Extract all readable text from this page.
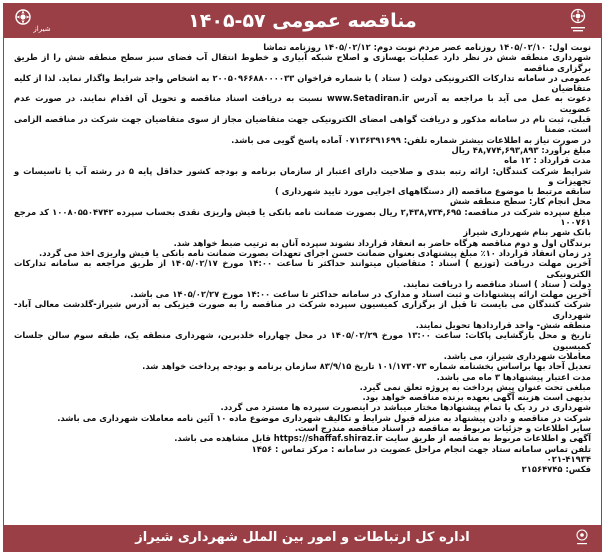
شیراز	مناقصه عمومی ۵۷-۱۴۰۵

نوبت اول: ۱۴۰۵/۰۲/۱۰ روزنامه عصر مردم نوبت دوم: ۱۴۰۵/۰۲/۱۲ روزنامه تماشا

شهرداری منطقه شش در نظر دارد عملیات بهسازی و اصلاح شبکه آبیاری و خطوط انتقال آب فضای سبز سطح منطقه شش را از طریق برگزاری مناقصه

عمومی در سامانه تدارکات الکترونیکی دولت ( ستاد ) با شماره فراخوان ۲۰۰۵۰۹۶۶۸۸۰۰۰۰۳۳ به اشخاص واجد شرایط واگذار نماید. لذا از کلیه متقاضیان

دعوت به عمل می آید با مراجعه به آدرس www.Setadiran.ir نسبت به دریافت اسناد مناقصه و تحویل آن اقدام نمایند. در صورت عدم عضویت

قبلی، ثبت نام در سامانه مذکور و دریافت گواهی امضای الکترونیکی جهت متقاضیان مجاز از سوی متقاضیان جهت شرکت در مناقصه الزامی است. ضمنا

در صورت نیاز به اطلاعات بیشتر شماره تلفن: ۰۷۱۳۶۳۹۱۶۹۹ آماده پاسخ گویی می باشد.

مبلغ برآورد: ۴۸,۷۷۴,۶۹۳,۸۹۳ ریال

مدت قرارداد : ۱۲ ماه

شرایط شرکت کنندگان: ارائه رتبه بندی و صلاحیت دارای اعتبار از سازمان برنامه و بودجه کشور حداقل پایه ۵ در رشته آب یا تاسیسات و تجهیزات و

سابقه مرتبط با موضوع مناقصه (از دستگاههای اجرایی مورد تایید شهرداری )

محل انجام کار: سطح منطقه شش

مبلغ سپرده شرکت در مناقصه: ۲,۴۳۸,۷۳۴,۶۹۵ ریال بصورت ضمانت نامه بانکی یا فیش واریزی نقدی بحساب سپرده ۱۰۰۸۰۵۵۰۴۷۴۲ کد مرجع ۱۰۰۷۶۱

بانک شهر بنام شهرداری شیراز

برندگان اول و دوم مناقصه هرگاه حاضر به انعقاد قرارداد نشوند سپرده آنان به ترتیب ضبط خواهد شد.

در زمان انعقاد قرارداد ۱۰٪ مبلغ پیشنهادی بعنوان ضمانت حسن اجرای تعهدات بصورت ضمانت نامه بانکی یا فیش واریزی اخذ می گردد.

آخرین مهلت دریافت (توزیع ) اسناد : متقاضیان میتوانند حداکثر تا ساعت ۱۴:۰۰ مورخ ۱۴۰۵/۰۲/۱۷ از طریق مراجعه به سامانه تدارکات الکترونیکی

دولت ( ستاد ) اسناد مناقصه را دریافت نمایند.

آخرین مهلت ارائه پیشنهادات و ثبت اسناد و مدارک در سامانه حداکثر تا ساعت ۱۴:۰۰ مورخ ۱۴۰۵/۰۲/۲۷ می باشد.

شرکت کنندگان می بایست تا قبل از برگزاری کمیسیون سپرده شرکت در مناقصه را به صورت فیزیکی به آدرس شیراز-گلدشت معالی آباد-شهرداری

منطقه شش- واحد قراردادها تحویل نمایند.

تاریخ و محل بازگشایی پاکات: ساعت ۱۳:۰۰ مورخ ۱۴۰۵/۰۲/۲۹ در محل چهارراه خلدبرین، شهرداری منطقه یک، طبقه سوم سالن جلسات کمیسیون

معاملات شهرداری شیراز، می باشد.

تعدیل آحاد بها براساس بخشنامه شماره ۱۰۱/۱۷۳۰۷۳ تاریخ ۸۳/۹/۱۵ سازمان برنامه و بودجه پرداخت خواهد شد.

مدت اعتبار پیشنهادها ۳ ماه می باشد.

مبلغی تحت عنوان پیش پرداخت به پروژه تعلق نمی گیرد.

بدیهی است هزینه آگهی بعهده برنده مناقصه خواهد بود.

شهرداری در رد یک یا تمام پیشنهادها مختار میباشد در اینصورت سپرده ها مسترد می گردد.

شرکت در مناقصه و دادن پیشنهاد به منزله قبول شرایط و تکالیف شهرداری موضوع ماده ۱۰ آئین نامه معاملات شهرداری می باشد.

سایر اطلاعات و جزئیات مربوط به مناقصه در اسناد مناقصه مندرج است.

آگهی و اطلاعات مربوط به مناقصه از طریق سایت https://shaffaf.shiraz.ir قابل مشاهده می باشد.

تلفن تماس سامانه ستاد جهت انجام مراحل عضویت در سامانه : مرکز تماس : ۱۴۵۶

۰۲۱-۴۱۹۳۴

فکس: ۲۱۵۶۴۷۴۵

اداره کل ارتباطات و امور بین الملل شهرداری شیراز
